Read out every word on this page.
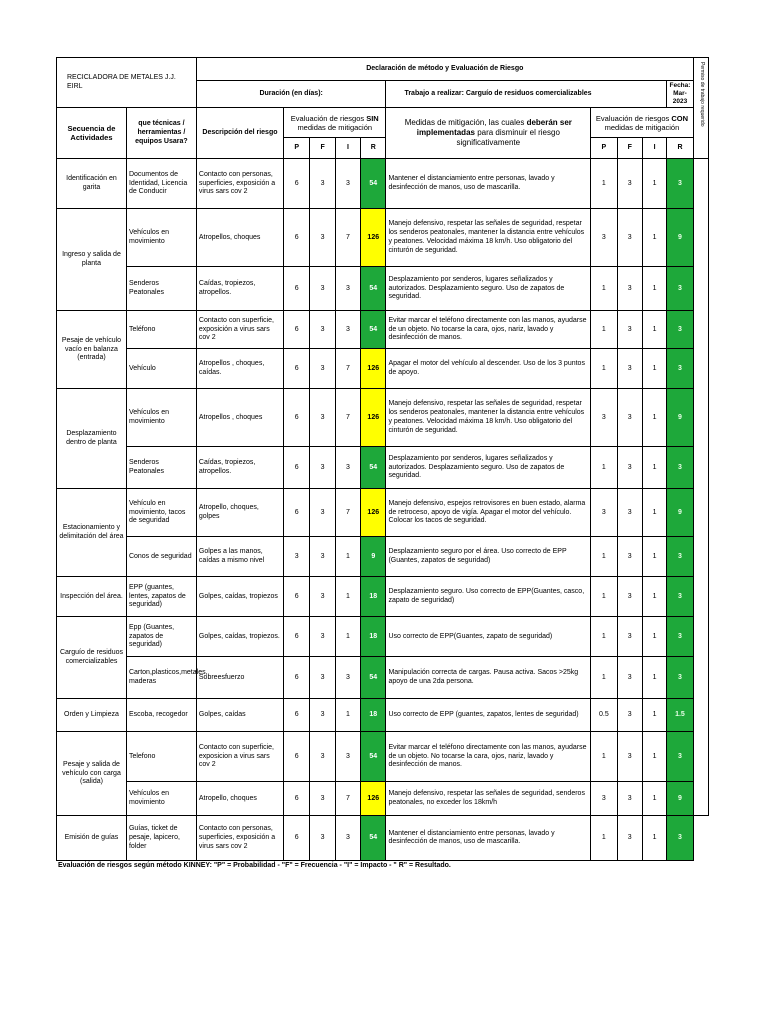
RECICLADORA DE METALES J.J. EIRL		Declaración de método y Evaluación de Riesgo										Permiso de trabajo requerido

		Duración (en días):					Trabajo a realizar: Carguío de residuos comercializables				Fecha:
Mar-2023	

Secuencia de Actividades	que técnicas / herramientas / equipos Usara?	Descripción del riesgo	Evaluación de riesgos SIN medidas de mitigación				Medidas de mitigación, las cuales deberán ser implementadas para disminuir el riesgo significativamente	Evaluación de riesgos CON medidas de mitigación				
			P	F	I	R		P	F	I	R	
Identificación en garita	Documentos de Identidad, Licencia de Conducir	Contacto con personas, superficies, exposición a virus sars cov 2	6	3	3	54	Mantener el distanciamiento entre personas, lavado y desinfección de manos, uso de mascarilla.	1	3	1	3	
Ingreso y salida de planta	Vehículos en movimiento	Atropellos, choques	6	3	7	126	Manejo defensivo, respetar las señales de seguridad, respetar los senderos peatonales, mantener la distancia entre vehículos y peatones. Velocidad máxima 18 km/h. Uso obligatorio del cinturón de seguridad.	3	3	1	9	
	Senderos Peatonales	Caídas, tropiezos, atropellos.	6	3	3	54	Desplazamiento por senderos, lugares señalizados y autorizados. Desplazamiento seguro. Uso de zapatos de seguridad.	1	3	1	3	
Pesaje de vehículo vacío en balanza (entrada)	Teléfono	Contacto con superficie, exposición a virus sars cov 2	6	3	3	54	Evitar marcar el teléfono directamente con las manos, ayudarse de un objeto. No tocarse la cara, ojos, nariz, lavado y desinfección de manos.	1	3	1	3	
	Vehículo	Atropellos , choques, caídas.	6	3	7	126	Apagar el motor del vehículo al descender. Uso de los 3 puntos de apoyo.	1	3	1	3	
Desplazamiento dentro de planta	Vehículos en movimiento	Atropellos , choques	6	3	7	126	Manejo defensivo, respetar las señales de seguridad, respetar los senderos peatonales, mantener la distancia entre vehículos y peatones. Velocidad máxima 18 km/h. Uso obligatorio del cinturón de seguridad.	3	3	1	9	
	Senderos Peatonales	Caídas, tropiezos, atropellos.	6	3	3	54	Desplazamiento por senderos, lugares señalizados y autorizados. Desplazamiento seguro. Uso de zapatos de seguridad.	1	3	1	3	
Estacionamiento y delimitación del área	Vehículo en movimiento, tacos de seguridad	Atropello, choques, golpes	6	3	7	126	Manejo defensivo, espejos retrovisores en buen estado, alarma de retroceso, apoyo de vigía. Apagar el motor del vehículo. Colocar los tacos de seguridad.	3	3	1	9	
	Conos de seguridad	Golpes a las manos, caídas a mismo nivel	3	3	1	9	Desplazamiento seguro por el área. Uso correcto de EPP (Guantes, zapatos de seguridad)	1	3	1	3	
Inspección del área.	EPP (guantes, lentes, zapatos de seguridad)	Golpes, caídas, tropiezos	6	3	1	18	Desplazamiento seguro. Uso correcto de EPP(Guantes, casco, zapato de seguridad)	1	3	1	3	
Carguío de residuos comercializables	Epp (Guantes, zapatos de seguridad)	Golpes, caídas, tropiezos.	6	3	1	18	Uso correcto de EPP(Guantes, zapato de seguridad)	1	3	1	3	
	Carton,plasticos,metales, maderas	Sobreesfuerzo	6	3	3	54	Manipulación correcta de cargas. Pausa activa. Sacos >25kg apoyo de una 2da persona.	1	3	1	3	
Orden y Limpieza	Escoba, recogedor	Golpes, caídas	6	3	1	18	Uso correcto de EPP (guantes, zapatos, lentes de seguridad)	0.5	3	1	1.5	
Pesaje y salida de vehículo con carga (salida)	Telefono	Contacto con superficie, exposicion a virus sars cov 2	6	3	3	54	Evitar marcar el teléfono directamente con las manos, ayudarse de un objeto. No tocarse la cara, ojos, nariz, lavado y desinfección de manos.	1	3	1	3	
	Vehículos en movimiento	Atropello, choques	6	3	7	126	Manejo defensivo, respetar las señales de seguridad, senderos peatonales, no exceder los 18km/h	3	3	1	9	
Emisión de guías	Guías, ticket de pesaje, lapicero, folder	Contacto con personas, superficies, exposición a virus sars cov 2	6	3	3	54	Mantener el distanciamiento entre personas, lavado y desinfección de manos, uso de mascarilla.	1	3	1	3	
Evaluación de riesgos según método KINNEY: "P" = Probabilidad - "F" = Frecuencia - "I" = Impacto - " R" = Resultado.
